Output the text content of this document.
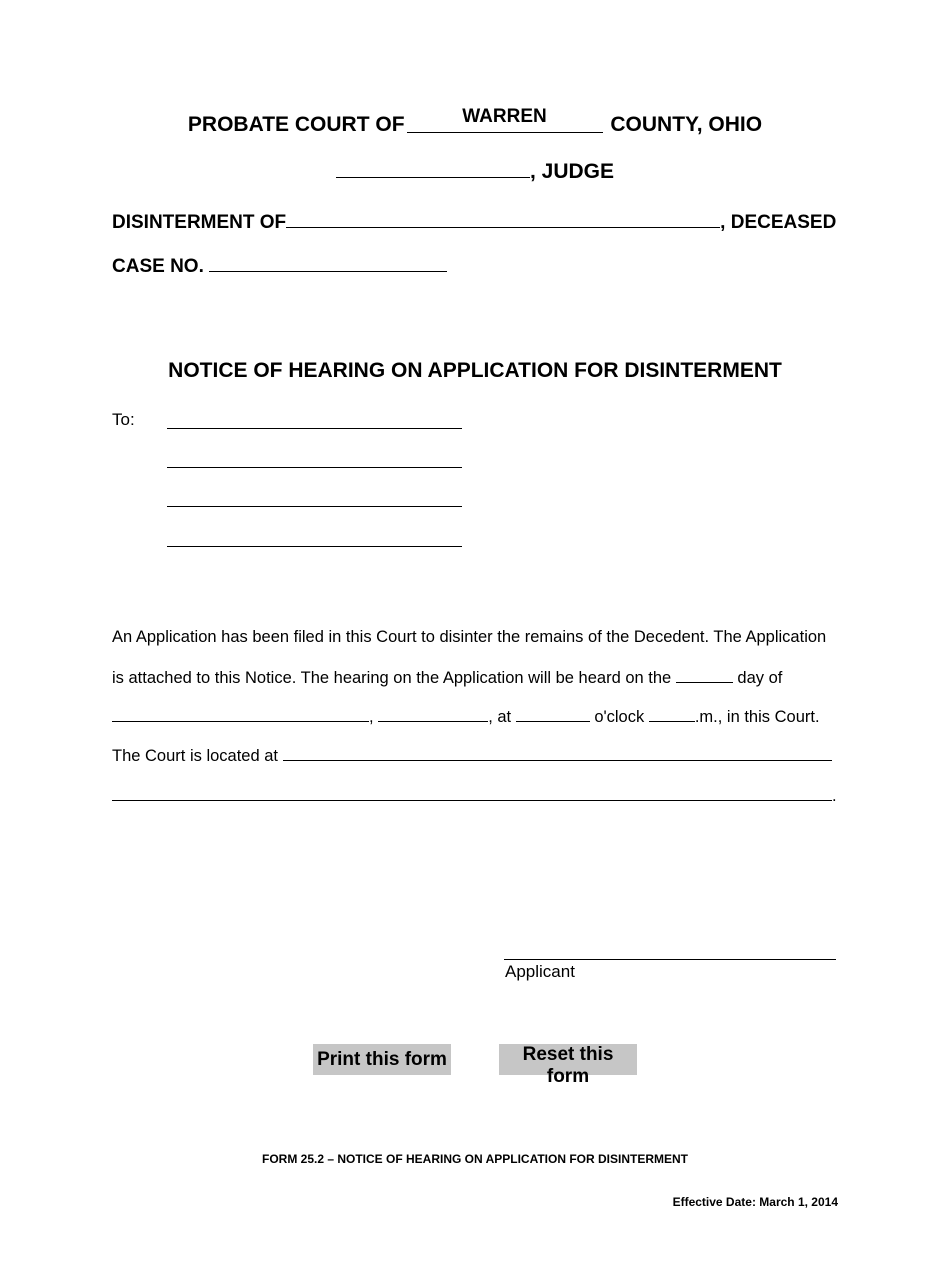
PROBATE COURT OF	WARREN	COUNTY, OHIO
, JUDGE
DISINTERMENT OF	, DECEASED
CASE NO.
NOTICE OF HEARING ON APPLICATION FOR DISINTERMENT
To:
An Application has been filed in this Court to disinter the remains of the Decedent. The Application
is attached to this Notice. The hearing on the Application will be heard on the	day of
,	, at	o'clock	.m., in this Court.
The Court is located at
.
Applicant
Print this form	Reset this form
FORM 25.2 – NOTICE OF HEARING ON APPLICATION FOR DISINTERMENT
Effective Date: March 1, 2014
